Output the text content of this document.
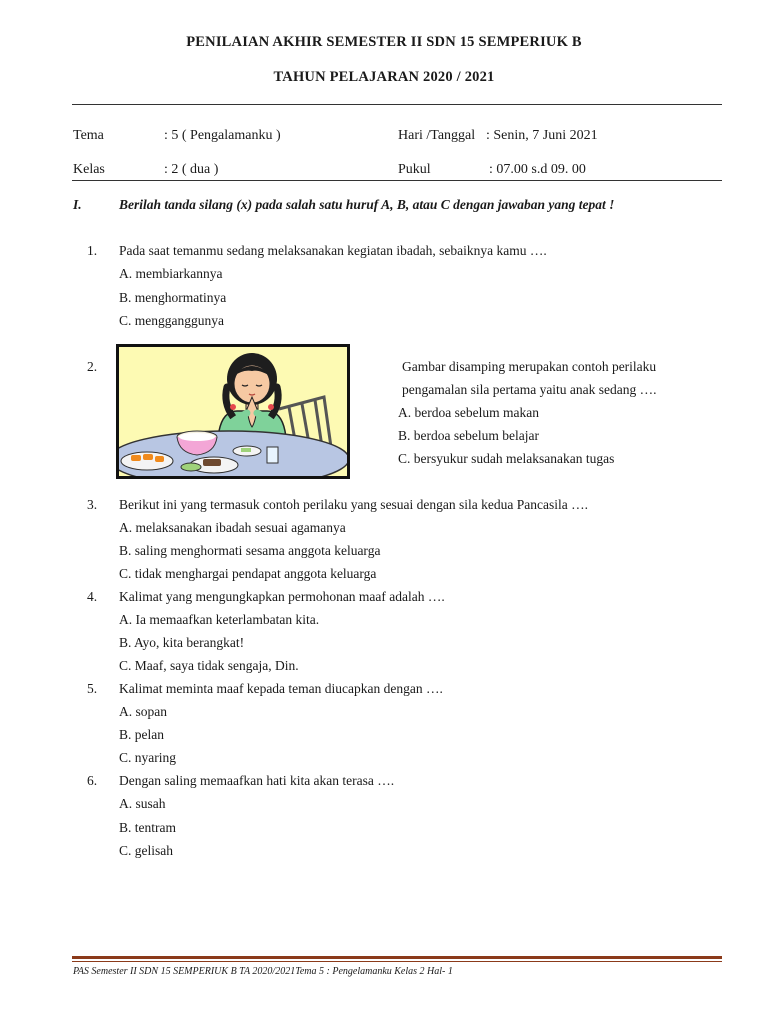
PENILAIAN AKHIR SEMESTER II SDN 15 SEMPERIUK B
TAHUN PELAJARAN 2020 / 2021
Tema	: 5 ( Pengalamanku )	Hari /Tanggal : Senin, 7 Juni 2021
Kelas	: 2 ( dua )	Pukul	: 07.00 s.d 09. 00
I.	Berilah tanda silang (x) pada salah satu huruf A, B, atau C dengan jawaban yang tepat !
1. Pada saat temanmu sedang melaksanakan kegiatan ibadah, sebaiknya kamu ….
A. membiarkannya
B. menghormatinya
C. mengganggunya
2.	Gambar disamping merupakan contoh perilaku
pengamalan sila pertama yaitu anak sedang ….
A. berdoa sebelum makan
B. berdoa sebelum belajar
C. bersyukur sudah melaksanakan tugas
3. Berikut ini yang termasuk contoh perilaku yang sesuai dengan sila kedua Pancasila ….
A. melaksanakan ibadah sesuai agamanya
B. saling menghormati sesama anggota keluarga
C. tidak menghargai pendapat anggota keluarga
4. Kalimat yang mengungkapkan permohonan maaf adalah ….
A. Ia memaafkan keterlambatan kita.
B. Ayo, kita berangkat!
C. Maaf, saya tidak sengaja, Din.
5. Kalimat meminta maaf kepada teman diucapkan dengan ….
A. sopan
B. pelan
C. nyaring
6. Dengan saling memaafkan hati kita akan terasa ….
A. susah
B. tentram
C. gelisah
PAS Semester II SDN 15 SEMPERIUK B TA 2020/2021Tema 5 : Pengelamanku Kelas 2 Hal- 1
